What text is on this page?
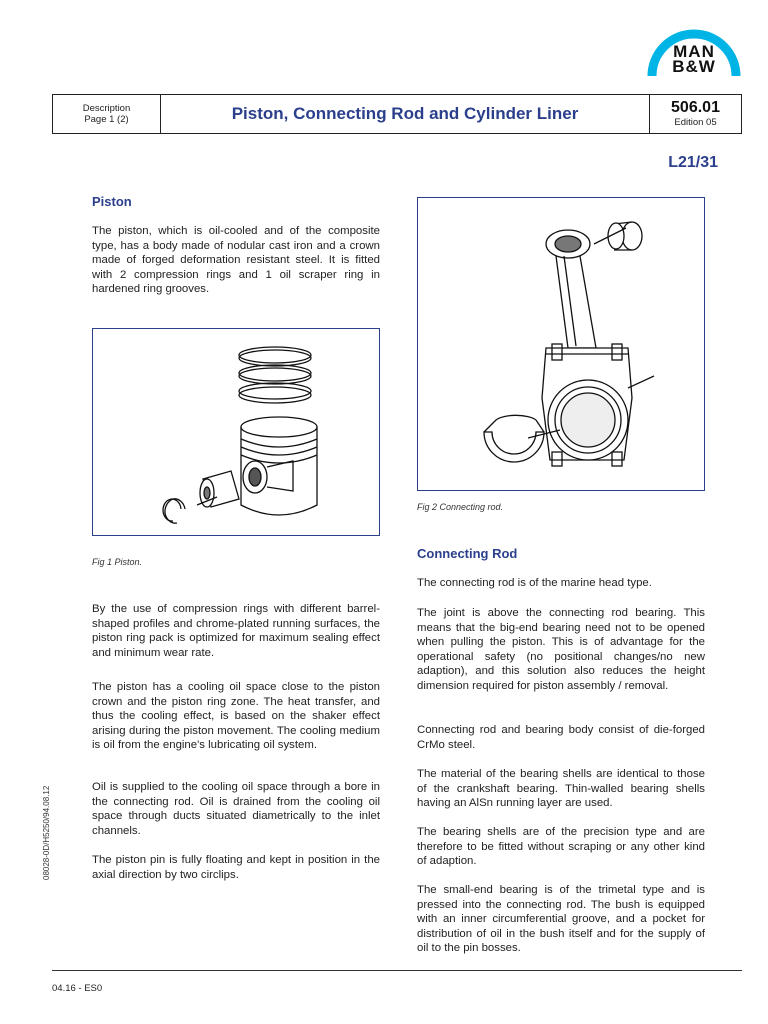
MAN
B&W
Description
Page 1 (2)	Piston, Connecting Rod and Cylinder Liner	506.01
Edition 05
L21/31
Piston

The piston, which is oil-cooled and of the composite type, has a body made of nodular cast iron and a crown made of forged deformation resistant steel. It is fitted with 2 compression rings and 1 oil scraper ring in hardened ring grooves.

Fig 1 Piston.

By the use of compression rings with different barrel-shaped profiles and chrome-plated running surfaces, the piston ring pack is optimized for maximum sealing effect and minimum wear rate.

The piston has a cooling oil space close to the piston crown and the piston ring zone. The heat transfer, and thus the cooling effect, is based on the shaker effect arising during the piston movement. The cooling medium is oil from the engine's lubricating oil system.

Oil is supplied to the cooling oil space through a bore in the connecting rod. Oil is drained from the cooling oil space through ducts situated diametrically to the inlet channels.

The piston pin is fully floating and kept in position in the axial direction by two circlips.

Fig 2 Connecting rod.
Connecting Rod

The connecting rod is of the marine head type.

The joint is above the connecting rod bearing. This means that the big-end bearing need not to be opened when pulling the piston. This is of advantage for the operational safety (no positional changes/no new adaption), and this solution also reduces the height dimension required for piston assembly / removal.

Connecting rod and bearing body consist of die-forged CrMo steel.

The material of the bearing shells are identical to those of the crankshaft bearing. Thin-walled bearing shells having an AlSn running layer are used.

The bearing shells are of the precision type and are therefore to be fitted without scraping or any other kind of adaption.

The small-end bearing is of the trimetal type and is pressed into the connecting rod. The bush is equipped with an inner circumferential groove, and a pocket for distribution of oil in the bush itself and for the supply of oil to the pin bosses.

08028-0D/H5250/94.08.12
04.16 - ES0
